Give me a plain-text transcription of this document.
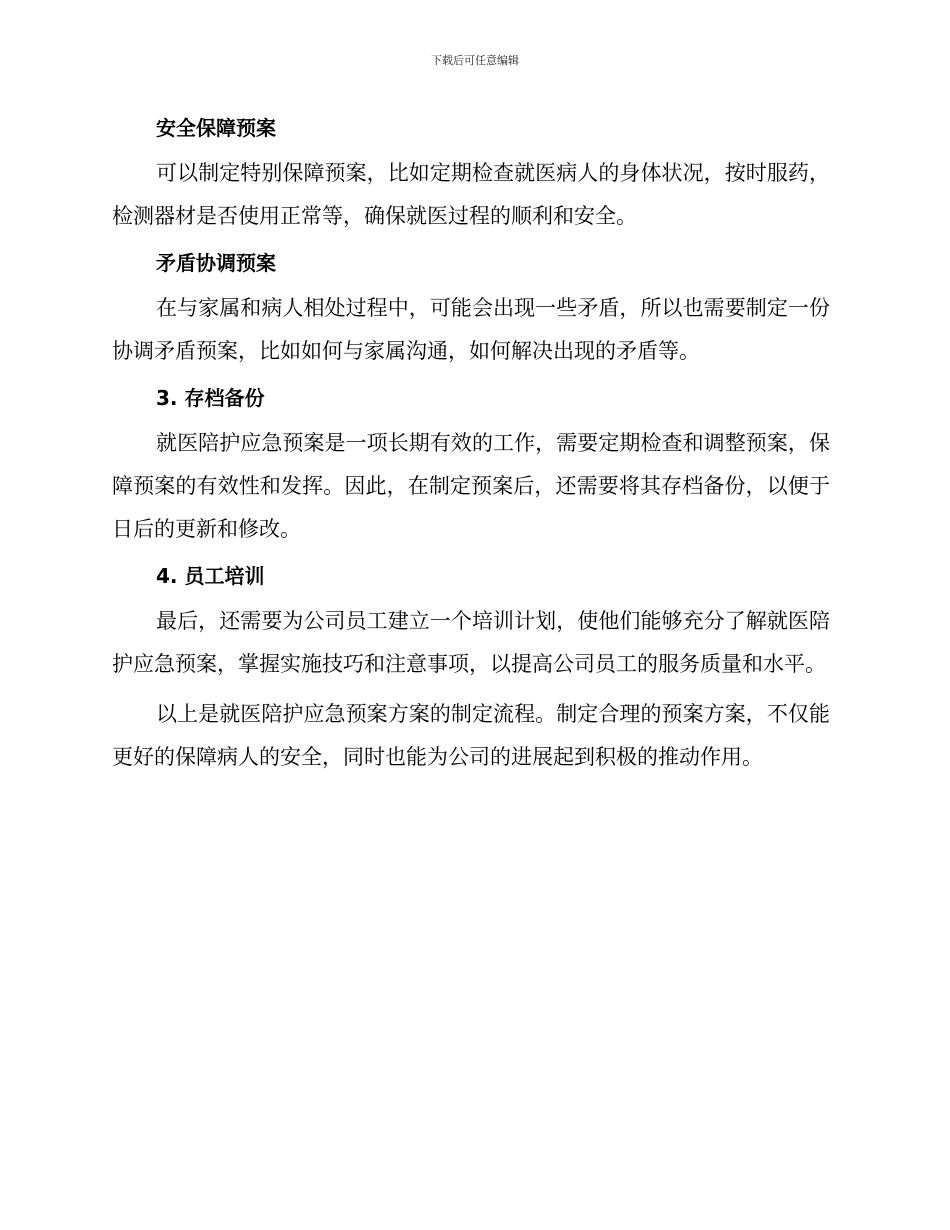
下载后可任意编辑
安全保障预案

可以制定特别保障预案，比如定期检查就医病人的身体状况，按时服药，检测器材是否使用正常等，确保就医过程的顺利和安全。

矛盾协调预案

在与家属和病人相处过程中，可能会出现一些矛盾，所以也需要制定一份协调矛盾预案，比如如何与家属沟通，如何解决出现的矛盾等。

3. 存档备份

就医陪护应急预案是一项长期有效的工作，需要定期检查和调整预案，保障预案的有效性和发挥。因此，在制定预案后，还需要将其存档备份，以便于日后的更新和修改。

4. 员工培训

最后，还需要为公司员工建立一个培训计划，使他们能够充分了解就医陪护应急预案，掌握实施技巧和注意事项，以提高公司员工的服务质量和水平。

以上是就医陪护应急预案方案的制定流程。制定合理的预案方案，不仅能更好的保障病人的安全，同时也能为公司的进展起到积极的推动作用。
